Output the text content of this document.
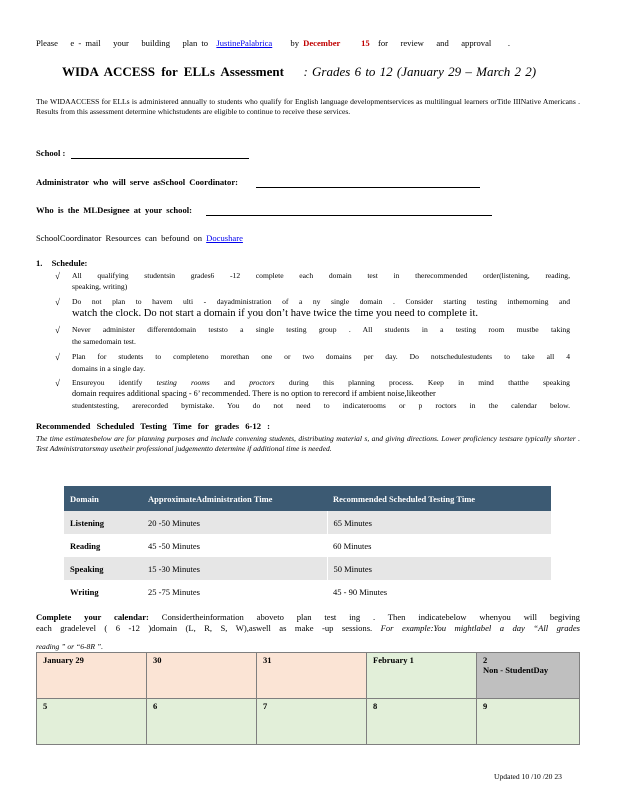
Please e - mail your building plan to JustinePalabrica by December 15 for review and approval .
WIDA ACCESS for ELLs Assessment : Grades 6 to 12 (January 29 – March 2 2)
The WIDAACCESS for ELLs is administered annually to students who qualify for English language developmentservices as multilingual learners orTitle IIINative Americans . Results from this assessment determine whichstudents are eligible to continue to receive these services.
School :
Administrator who will serve asSchool Coordinator:
Who is the MLDesignee at your school:
SchoolCoordinator Resources can befound on Docushare
1. Schedule:
√ All qualifying studentsin grades6 -12 complete each domain test in therecommended order(listening, reading,
speaking, writing)
√ Do not plan to havem ulti - dayadministration of a ny single domain . Consider starting testing inthemorning and
watch the clock. Do not start a domain if you don’t have twice the time you need to complete it.
√ Never administer differentdomain teststo a single testing group . All students in a testing room mustbe taking
the samedomain test.
√ Plan for students to completeno morethan one or two domains per day. Do notschedulestudents to take all 4
domains in a single day.
√ Ensureyou identify testing rooms and proctors during this planning process. Keep in mind thatthe speaking
domain requires additional spacing - 6’ recommended. There is no option to rerecord if ambient noise,likeother
studentstesting, arerecorded bymistake. You do not need to indicaterooms or p roctors in the calendar below.
Recommended Scheduled Testing Time for grades 6-12 :
The time estimatesbelow are for planning purposes and include convening students, distributing material s, and giving directions. Lower proficiency testsare typically shorter . Test Administratorsmay usetheir professional judgementto determine if additional time is needed.
Domain	ApproximateAdministration Time	Recommended Scheduled Testing Time
Listening	20 -50 Minutes	65 Minutes
Reading	45 -50 Minutes	60 Minutes
Speaking	15 -30 Minutes	50 Minutes
Writing	25 -75 Minutes	45 - 90 Minutes
Complete your calendar: Considertheinformation aboveto plan test ing . Then indicatebelow whenyou will begiving
each gradelevel ( 6 -12 )domain (L, R, S, W),aswell as make -up sessions. For example:You mightlabel a day “All grades
reading ” or “6-8R ”.
January 29	30	31	February 1	2
Non - StudentDay

5	6	7	8	9
Updated 10 /10 /20 23
